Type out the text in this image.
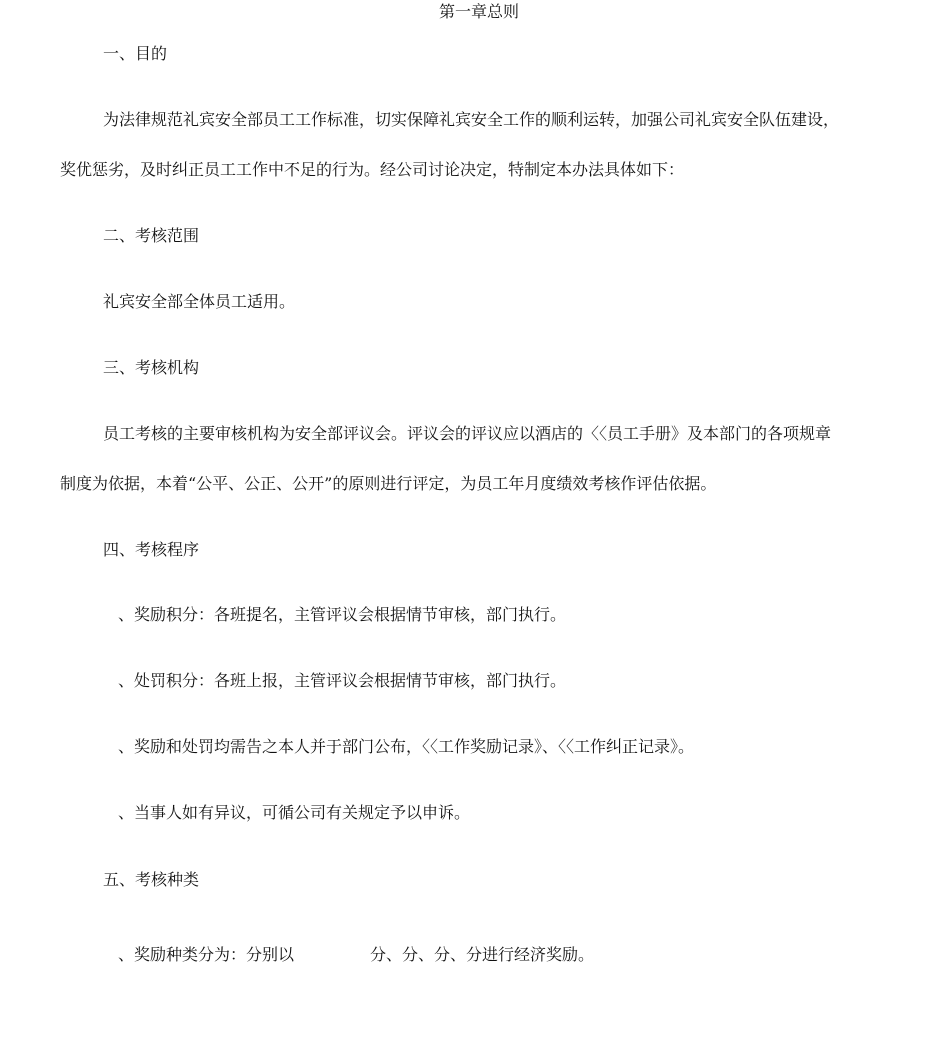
第一章总则
一、目的
为法律规范礼宾安全部员工工作标准，切实保障礼宾安全工作的顺利运转，加强公司礼宾安全队伍建设，
奖优惩劣，及时纠正员工工作中不足的行为。经公司讨论决定，特制定本办法具体如下：
二、考核范围
礼宾安全部全体员工适用。
三、考核机构
员工考核的主要审核机构为安全部评议会。评议会的评议应以酒店的〈〈员工手册》及本部门的各项规章
制度为依据，本着“公平、公正、公开”的原则进行评定，为员工年月度绩效考核作评估依据。
四、考核程序
、奖励积分：各班提名，主管评议会根据情节审核，部门执行。
、处罚积分：各班上报，主管评议会根据情节审核，部门执行。
、奖励和处罚均需告之本人并于部门公布，〈〈工作奖励记录》、〈〈工作纠正记录》。
、当事人如有异议，可循公司有关规定予以申诉。
五、考核种类
、奖励种类分为：分别以	分、分、分、分进行经济奖励。
